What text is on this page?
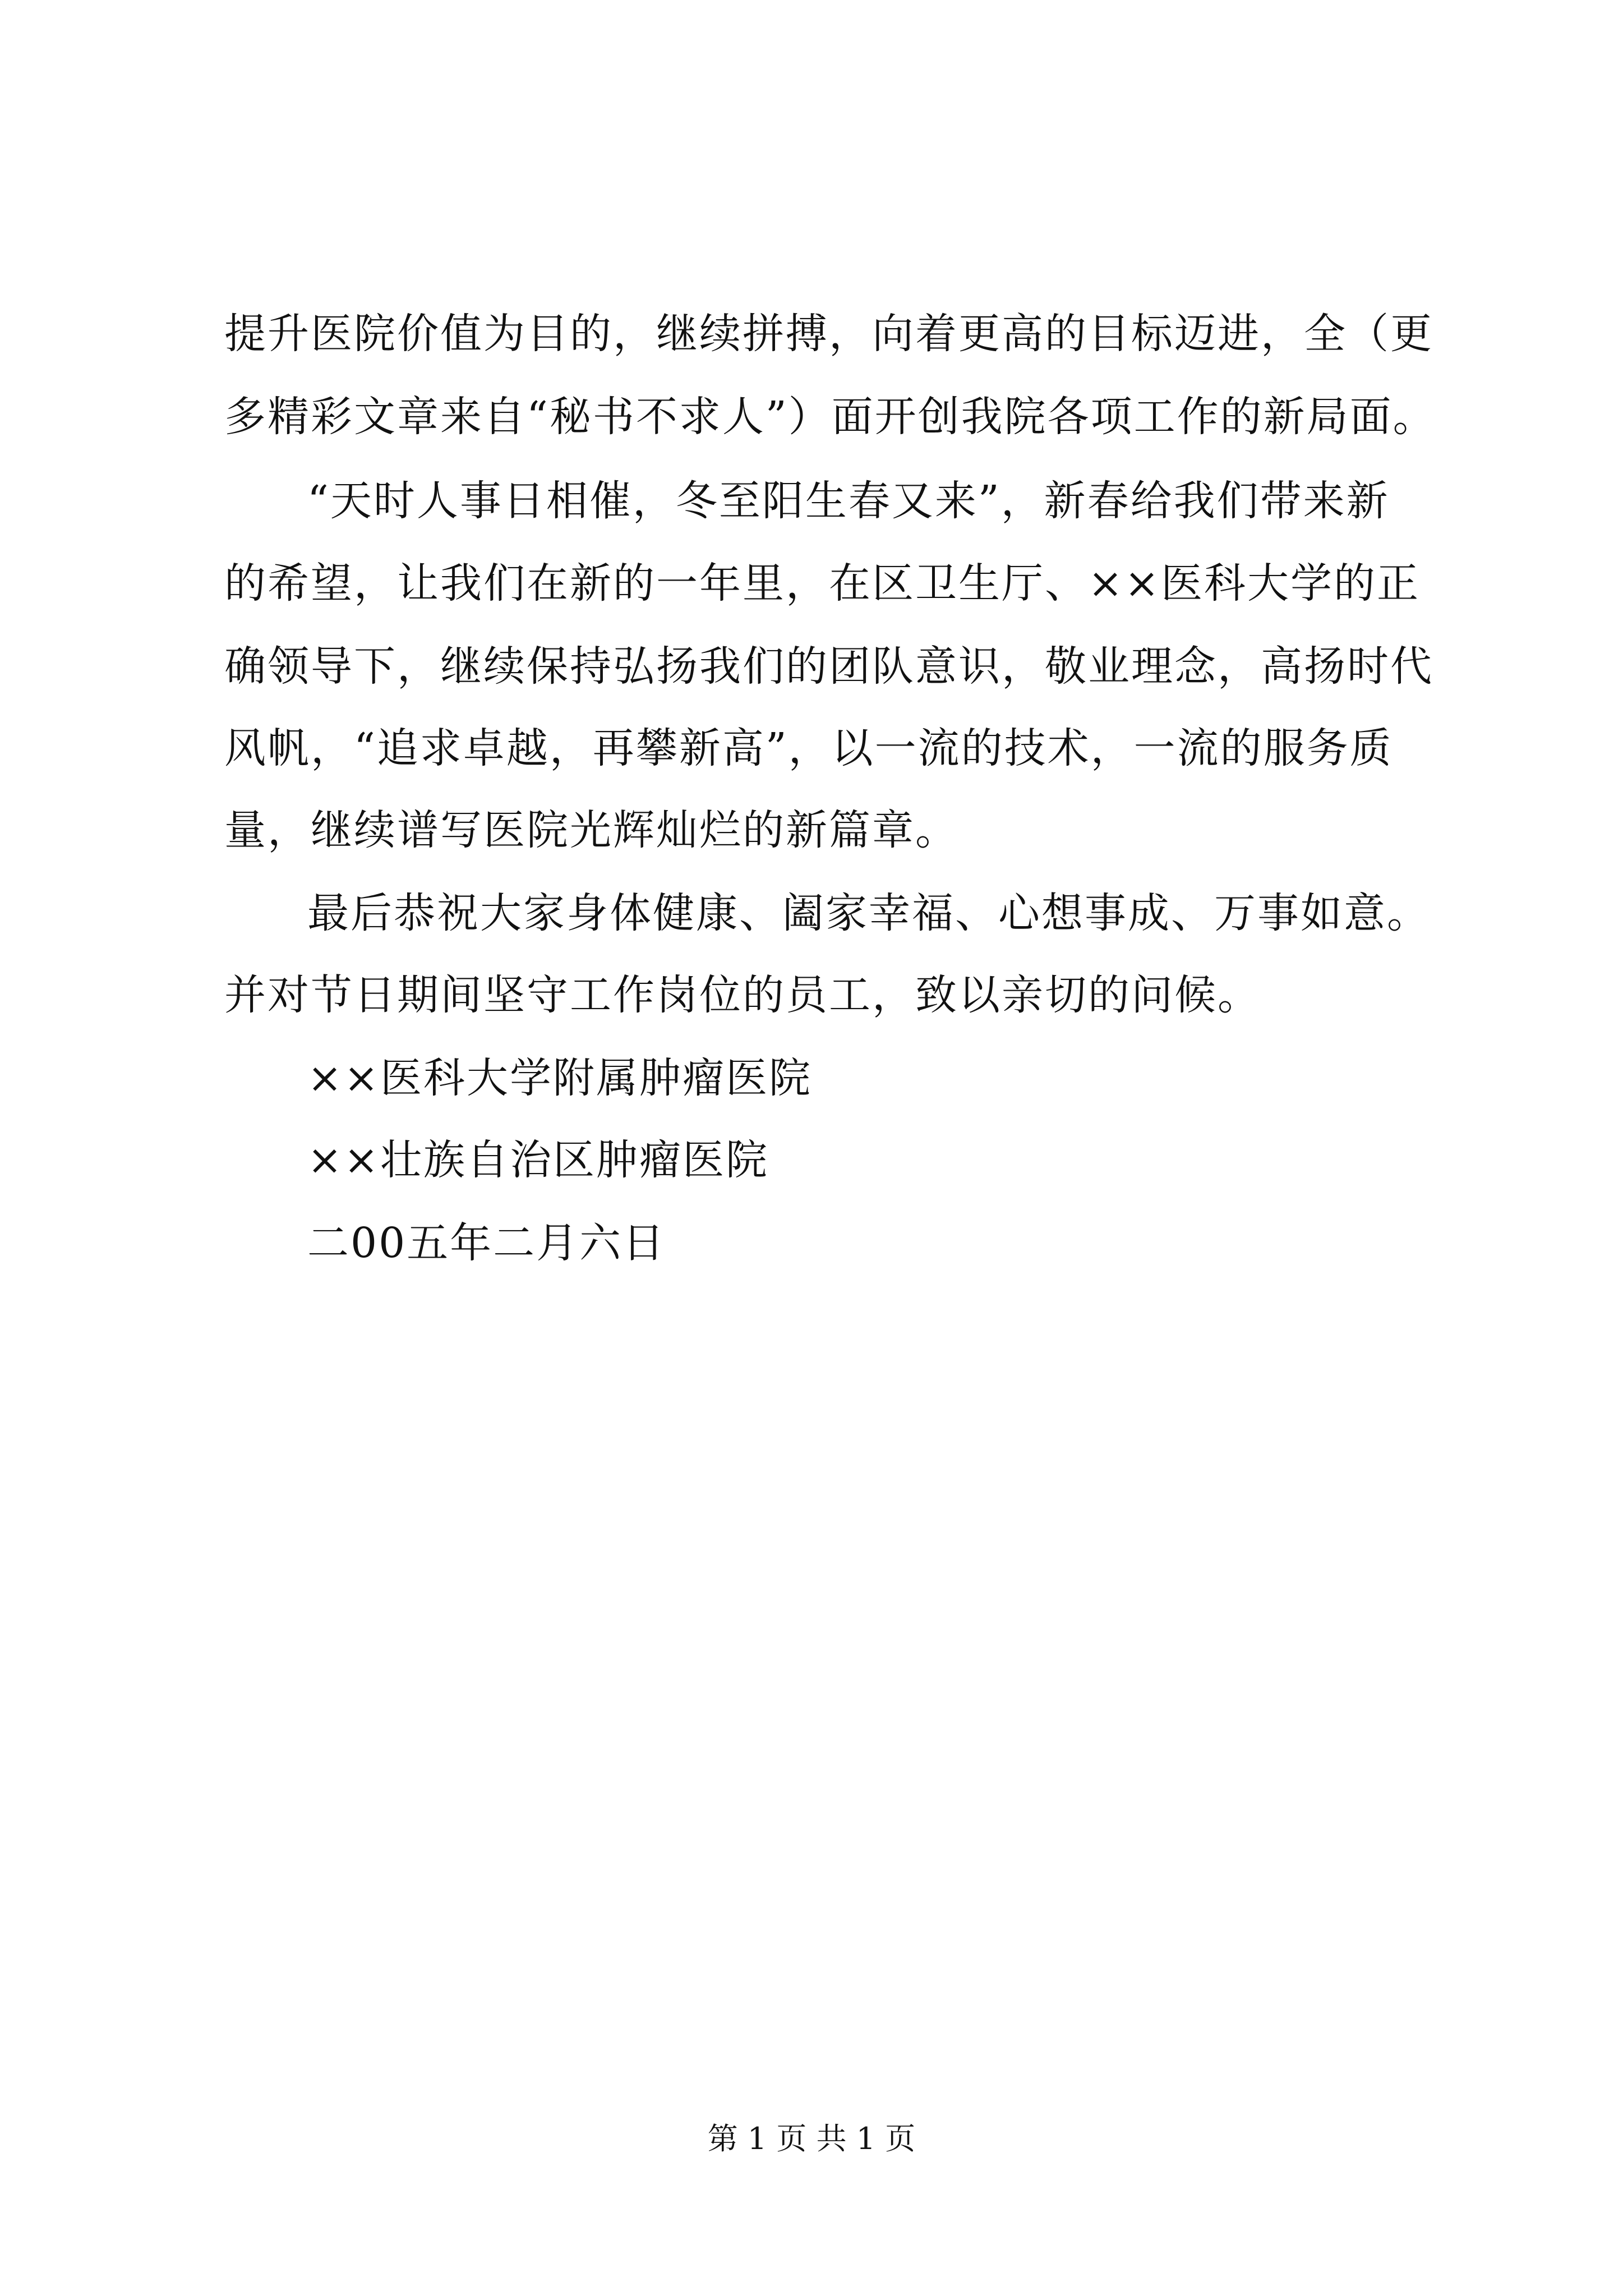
提升医院价值为目的，继续拼搏，向着更高的目标迈进，全（更
多精彩文章来自“秘书不求人”）面开创我院各项工作的新局面。
“天时人事日相催，冬至阳生春又来”，新春给我们带来新
的希望，让我们在新的一年里，在区卫生厅、××医科大学的正
确领导下，继续保持弘扬我们的团队意识，敬业理念，高扬时代
风帆，“追求卓越，再攀新高”，以一流的技术，一流的服务质
量，继续谱写医院光辉灿烂的新篇章。
最后恭祝大家身体健康、阖家幸福、心想事成、万事如意。
并对节日期间坚守工作岗位的员工，致以亲切的问候。
××医科大学附属肿瘤医院
××壮族自治区肿瘤医院
二00五年二月六日
第 1 页 共 1 页
